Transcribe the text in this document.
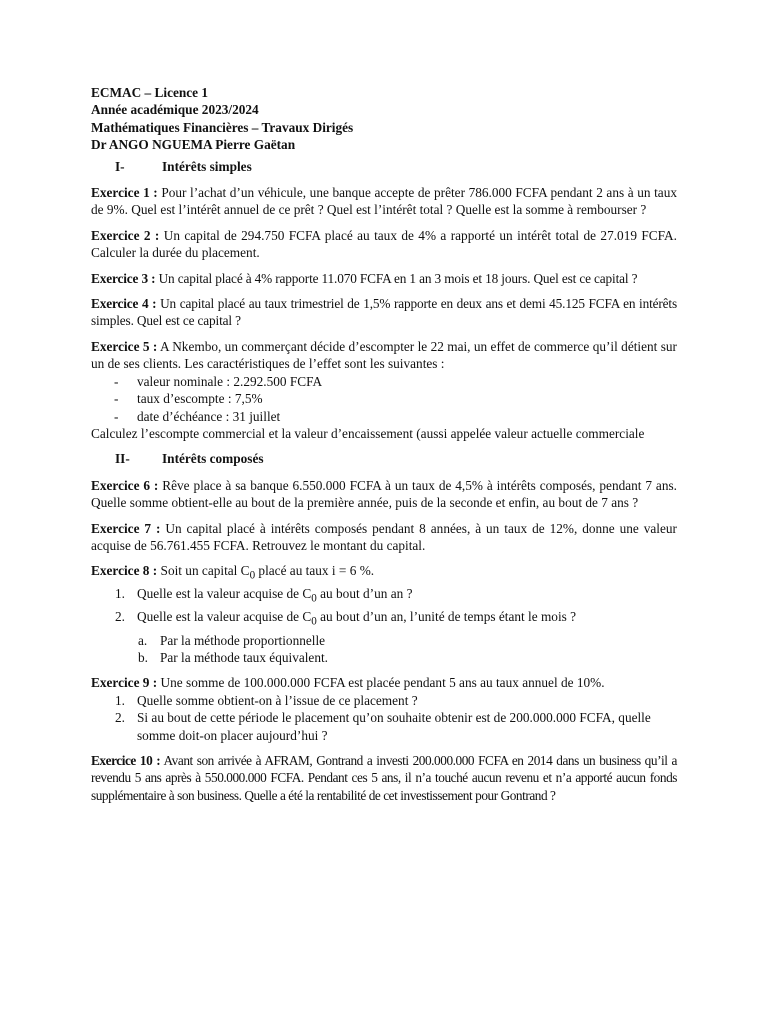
ECMAC – Licence 1
Année académique 2023/2024
Mathématiques Financières – Travaux Dirigés
Dr ANGO NGUEMA Pierre Gaëtan
I-	Intérêts simples

Exercice 1 : Pour l’achat d’un véhicule, une banque accepte de prêter 786.000 FCFA pendant 2 ans à un taux de 9%. Quel est l’intérêt annuel de ce prêt ? Quel est l’intérêt total ? Quelle est la somme à rembourser ?

Exercice 2 : Un capital de 294.750 FCFA placé au taux de 4% a rapporté un intérêt total de 27.019 FCFA. Calculer la durée du placement.

Exercice 3 : Un capital placé à 4% rapporte 11.070 FCFA en 1 an 3 mois et 18 jours. Quel est ce capital ?

Exercice 4 : Un capital placé au taux trimestriel de 1,5% rapporte en deux ans et demi 45.125 FCFA en intérêts simples. Quel est ce capital ?

Exercice 5 : A Nkembo, un commerçant décide d’escompter le 22 mai, un effet de commerce qu’il détient sur un de ses clients. Les caractéristiques de l’effet sont les suivantes :

- valeur nominale : 2.292.500 FCFA
- taux d’escompte : 7,5%
- date d’échéance : 31 juillet
Calculez l’escompte commercial et la valeur d’encaissement (aussi appelée valeur actuelle commerciale
II- Intérêts composés

Exercice 6 : Rêve place à sa banque 6.550.000 FCFA à un taux de 4,5% à intérêts composés, pendant 7 ans. Quelle somme obtient-elle au bout de la première année, puis de la seconde et enfin, au bout de 7 ans ?

Exercice 7 : Un capital placé à intérêts composés pendant 8 années, à un taux de 12%, donne une valeur acquise de 56.761.455 FCFA. Retrouvez le montant du capital.

Exercice 8 : Soit un capital $C_0$ placé au taux i = 6 %.

1. Quelle est la valeur acquise de $C_0$ au bout d’un an ?
2. Quelle est la valeur acquise de $C_0$ au bout d’un an, l’unité de temps étant le mois ?
a. Par la méthode proportionnelle
b. Par la méthode taux équivalent.

Exercice 9 : Une somme de 100.000.000 FCFA est placée pendant 5 ans au taux annuel de 10%.

1. Quelle somme obtient-on à l’issue de ce placement ?
2. Si au bout de cette période le placement qu’on souhaite obtenir est de 200.000.000 FCFA, quelle somme doit-on placer aujourd’hui ?

Exercice 10 : Avant son arrivée à AFRAM, Gontrand a investi 200.000.000 FCFA en 2014 dans un business qu’il a revendu 5 ans après à 550.000.000 FCFA. Pendant ces 5 ans, il n’a touché aucun revenu et n’a apporté aucun fonds supplémentaire à son business. Quelle a été la rentabilité de cet investissement pour Gontrand ?
